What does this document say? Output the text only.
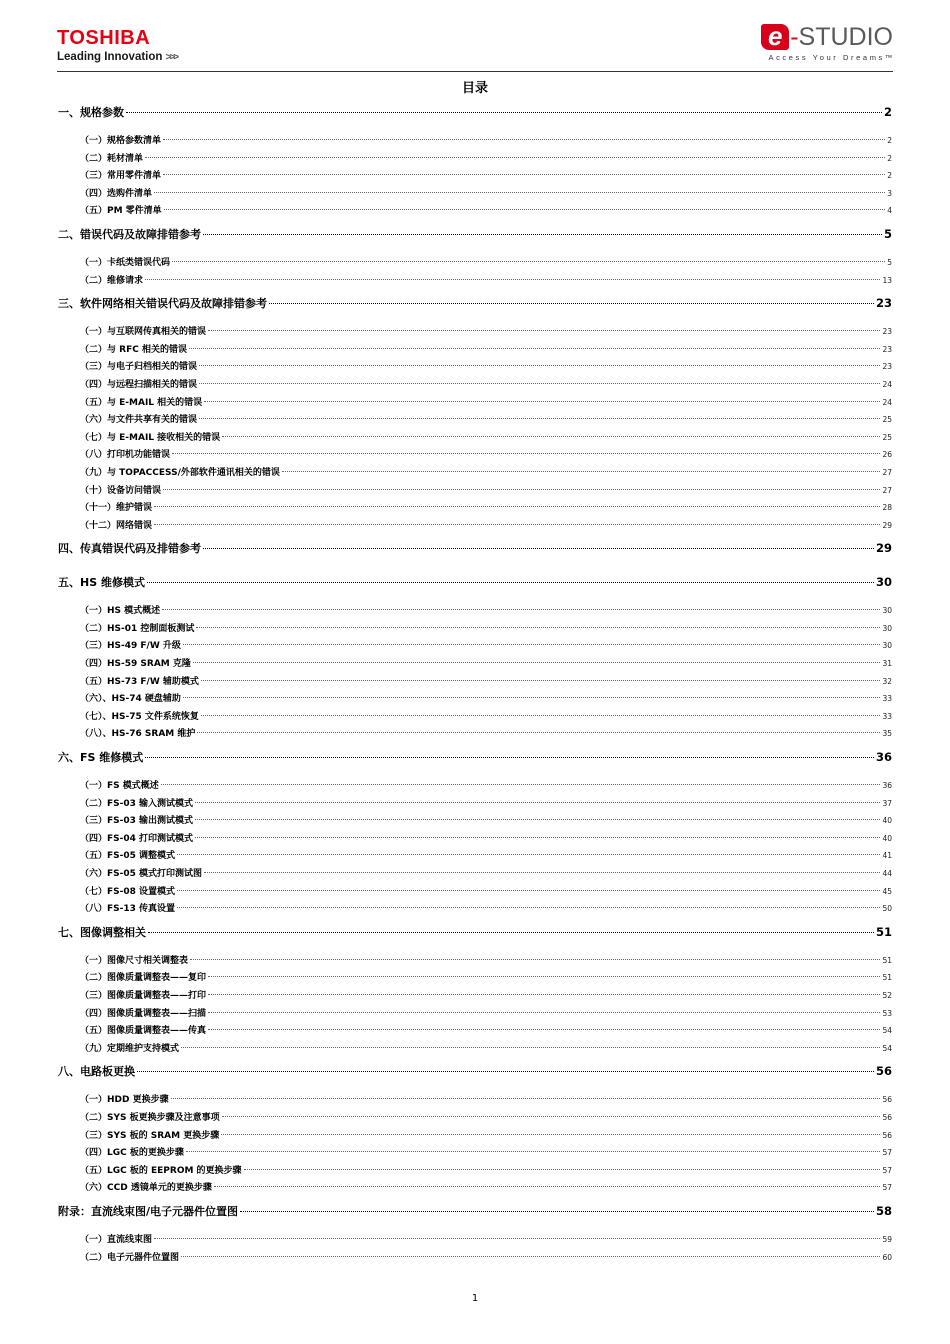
TOSHIBA
Leading Innovation >>>
e -STUDIO
Access Your Dreams™
目录
一、规格参数	2
（一）规格参数清单	2
（二）耗材清单	2
（三）常用零件清单	2
（四）选购件清单	3
（五）PM 零件清单	4
二、错误代码及故障排错参考	5
（一）卡纸类错误代码	5
（二）维修请求	13
三、软件网络相关错误代码及故障排错参考	23
（一）与互联网传真相关的错误	23
（二）与 RFC 相关的错误	23
（三）与电子归档相关的错误	23
（四）与远程扫描相关的错误	24
（五）与 E-MAIL 相关的错误	24
（六）与文件共享有关的错误	25
（七）与 E-MAIL 接收相关的错误	25
（八）打印机功能错误	26
（九）与 TOPACCESS/外部软件通讯相关的错误	27
（十）设备访问错误	27
（十一）维护错误	28
（十二）网络错误	29
四、传真错误代码及排错参考	29
五、HS 维修模式	30
（一）HS 模式概述	30
（二）HS-01 控制面板测试	30
（三）HS-49 F/W 升级	30
（四）HS-59 SRAM 克隆	31
（五）HS-73 F/W 辅助模式	32
（六）、HS-74 硬盘辅助	33
（七）、HS-75 文件系统恢复	33
（八）、HS-76 SRAM 维护	35
六、FS 维修模式	36
（一）FS 模式概述	36
（二）FS-03 输入测试模式	37
（三）FS-03 输出测试模式	40
（四）FS-04 打印测试模式	40
（五）FS-05 调整模式	41
（六）FS-05 模式打印测试图	44
（七）FS-08 设置模式	45
（八）FS-13 传真设置	50
七、图像调整相关	51
（一）图像尺寸相关调整表	51
（二）图像质量调整表——复印	51
（三）图像质量调整表——打印	52
（四）图像质量调整表——扫描	53
（五）图像质量调整表——传真	54
（九）定期维护支持模式	54
八、电路板更换	56
（一）HDD 更换步骤	56
（二）SYS 板更换步骤及注意事项	56
（三）SYS 板的 SRAM 更换步骤	56
（四）LGC 板的更换步骤	57
（五）LGC 板的 EEPROM 的更换步骤	57
（六）CCD 透镜单元的更换步骤	57
附录：直流线束图/电子元器件位置图	58
（一）直流线束图	59
（二）电子元器件位置图	60
1
